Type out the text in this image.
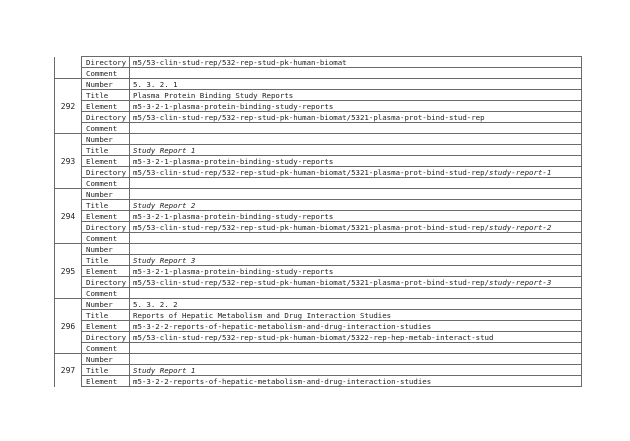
	Directory	m5/53-clin-stud-rep/532-rep-stud-pk-human-biomat
	Comment	
292	Number	5. 3. 2. 1
	Title	Plasma Protein Binding Study Reports
	Element	m5-3-2-1-plasma-protein-binding-study-reports
	Directory	m5/53-clin-stud-rep/532-rep-stud-pk-human-biomat/5321-plasma-prot-bind-stud-rep
	Comment	
293	Number	
	Title	Study Report 1
	Element	m5-3-2-1-plasma-protein-binding-study-reports
	Directory	m5/53-clin-stud-rep/532-rep-stud-pk-human-biomat/5321-plasma-prot-bind-stud-rep/study-report-1
	Comment	
294	Number	
	Title	Study Report 2
	Element	m5-3-2-1-plasma-protein-binding-study-reports
	Directory	m5/53-clin-stud-rep/532-rep-stud-pk-human-biomat/5321-plasma-prot-bind-stud-rep/study-report-2
	Comment	
295	Number	
	Title	Study Report 3
	Element	m5-3-2-1-plasma-protein-binding-study-reports
	Directory	m5/53-clin-stud-rep/532-rep-stud-pk-human-biomat/5321-plasma-prot-bind-stud-rep/study-report-3
	Comment	
296	Number	5. 3. 2. 2
	Title	Reports of Hepatic Metabolism and Drug Interaction Studies
	Element	m5-3-2-2-reports-of-hepatic-metabolism-and-drug-interaction-studies
	Directory	m5/53-clin-stud-rep/532-rep-stud-pk-human-biomat/5322-rep-hep-metab-interact-stud
	Comment	
297	Number	
	Title	Study Report 1
	Element	m5-3-2-2-reports-of-hepatic-metabolism-and-drug-interaction-studies
